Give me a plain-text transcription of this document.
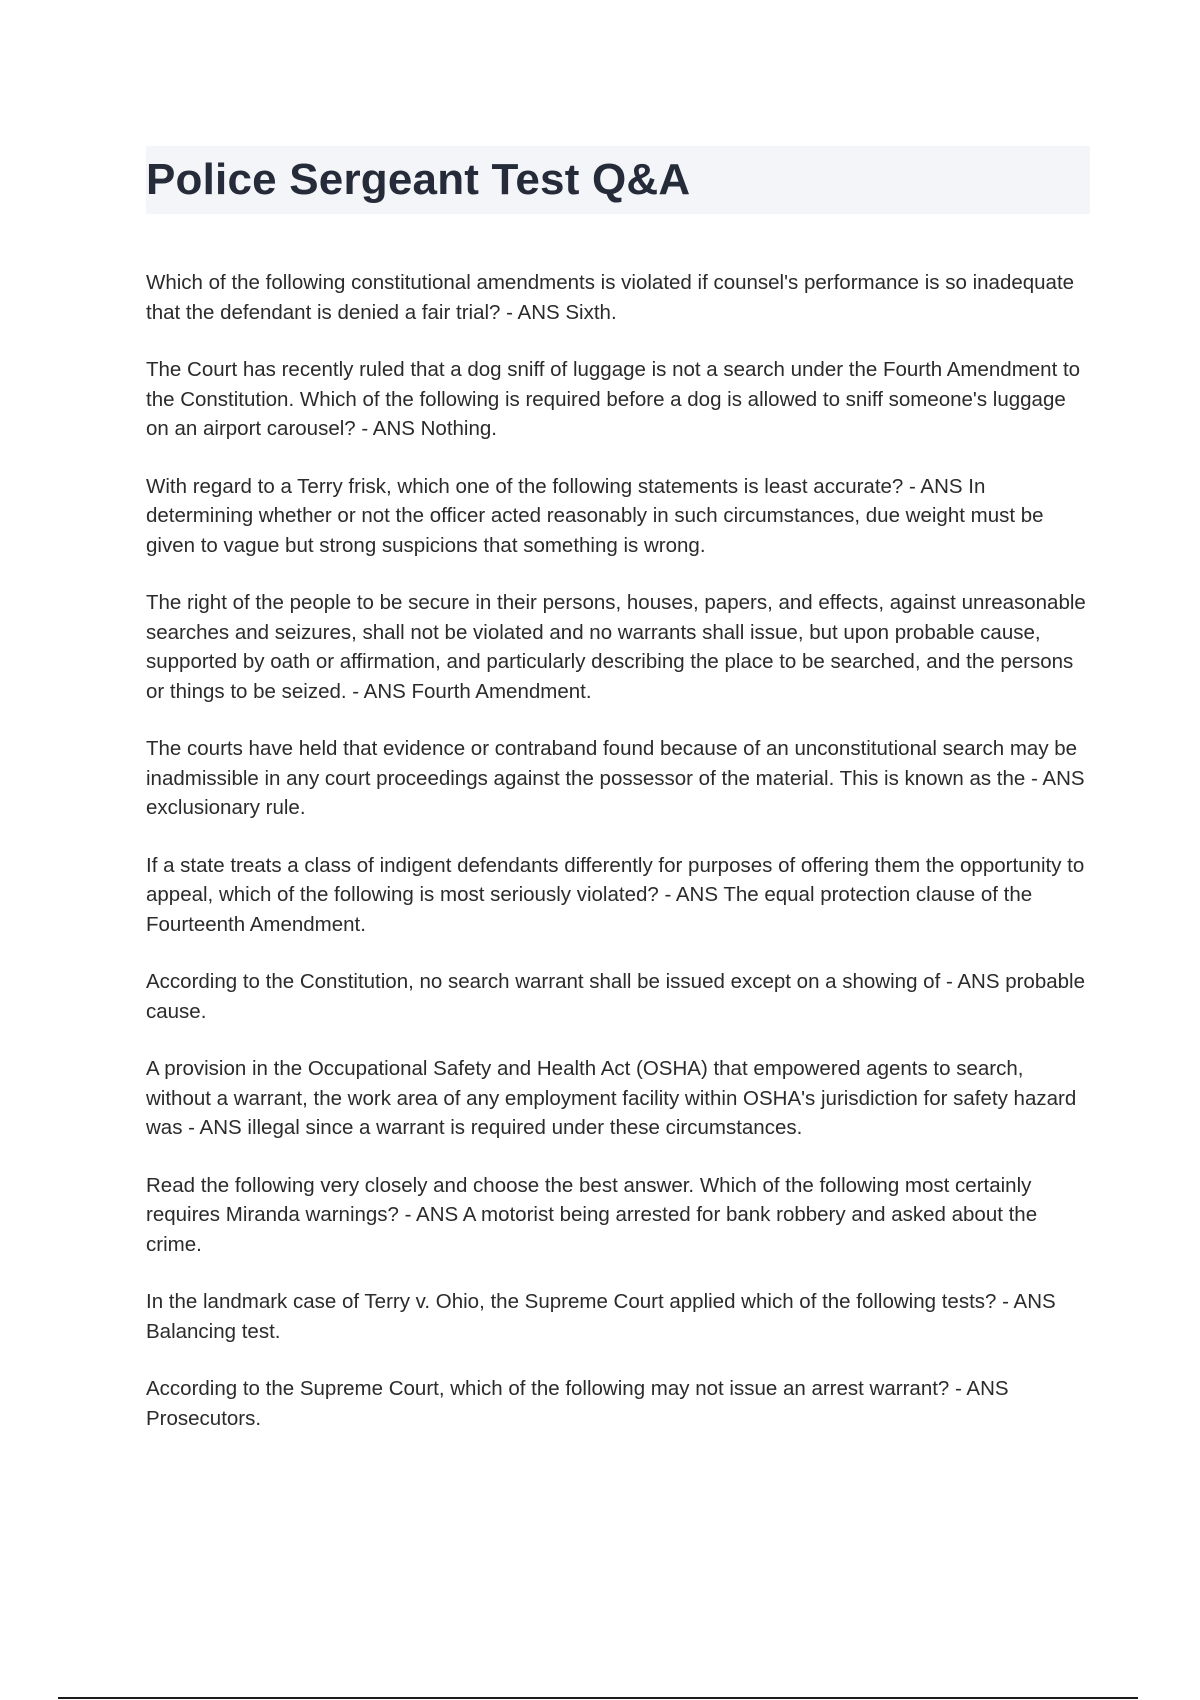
Police Sergeant Test Q&A

Which of the following constitutional amendments is violated if counsel's performance is so inadequate that the defendant is denied a fair trial? - ANS Sixth.

The Court has recently ruled that a dog sniff of luggage is not a search under the Fourth Amendment to the Constitution. Which of the following is required before a dog is allowed to sniff someone's luggage on an airport carousel? - ANS Nothing.

With regard to a Terry frisk, which one of the following statements is least accurate? - ANS In determining whether or not the officer acted reasonably in such circumstances, due weight must be given to vague but strong suspicions that something is wrong.

The right of the people to be secure in their persons, houses, papers, and effects, against unreasonable searches and seizures, shall not be violated and no warrants shall issue, but upon probable cause, supported by oath or affirmation, and particularly describing the place to be searched, and the persons or things to be seized. - ANS Fourth Amendment.

The courts have held that evidence or contraband found because of an unconstitutional search may be inadmissible in any court proceedings against the possessor of the material. This is known as the - ANS exclusionary rule.

If a state treats a class of indigent defendants differently for purposes of offering them the opportunity to appeal, which of the following is most seriously violated? - ANS The equal protection clause of the Fourteenth Amendment.

According to the Constitution, no search warrant shall be issued except on a showing of - ANS probable cause.

A provision in the Occupational Safety and Health Act (OSHA) that empowered agents to search, without a warrant, the work area of any employment facility within OSHA's jurisdiction for safety hazard was - ANS illegal since a warrant is required under these circumstances.

Read the following very closely and choose the best answer. Which of the following most certainly requires Miranda warnings? - ANS A motorist being arrested for bank robbery and asked about the crime.

In the landmark case of Terry v. Ohio, the Supreme Court applied which of the following tests? - ANS Balancing test.

According to the Supreme Court, which of the following may not issue an arrest warrant? - ANS Prosecutors.
